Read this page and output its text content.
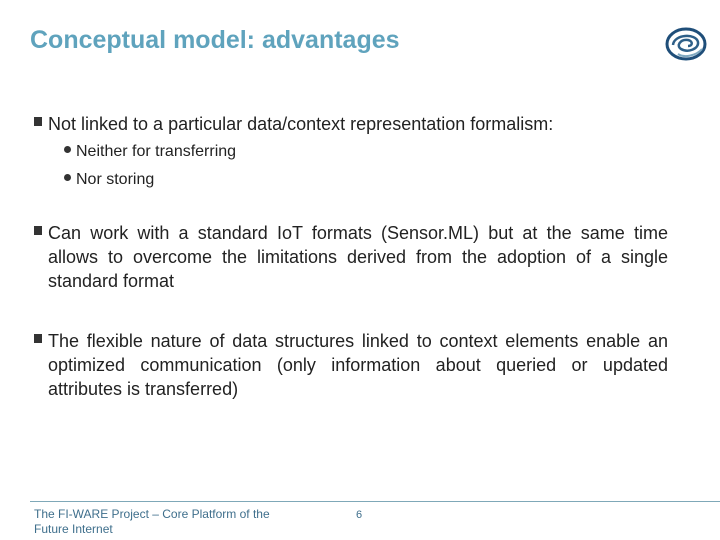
Conceptual model: advantages
Not linked to a particular data/context representation formalism:
Neither for transferring
Nor storing
Can work with a standard IoT formats (Sensor.ML) but at the same time allows to overcome the limitations derived from the adoption of a single standard format
The flexible nature of data structures linked to context elements enable an optimized communication (only information about queried or updated attributes is transferred)
The FI-WARE Project – Core Platform of the Future Internet
6
